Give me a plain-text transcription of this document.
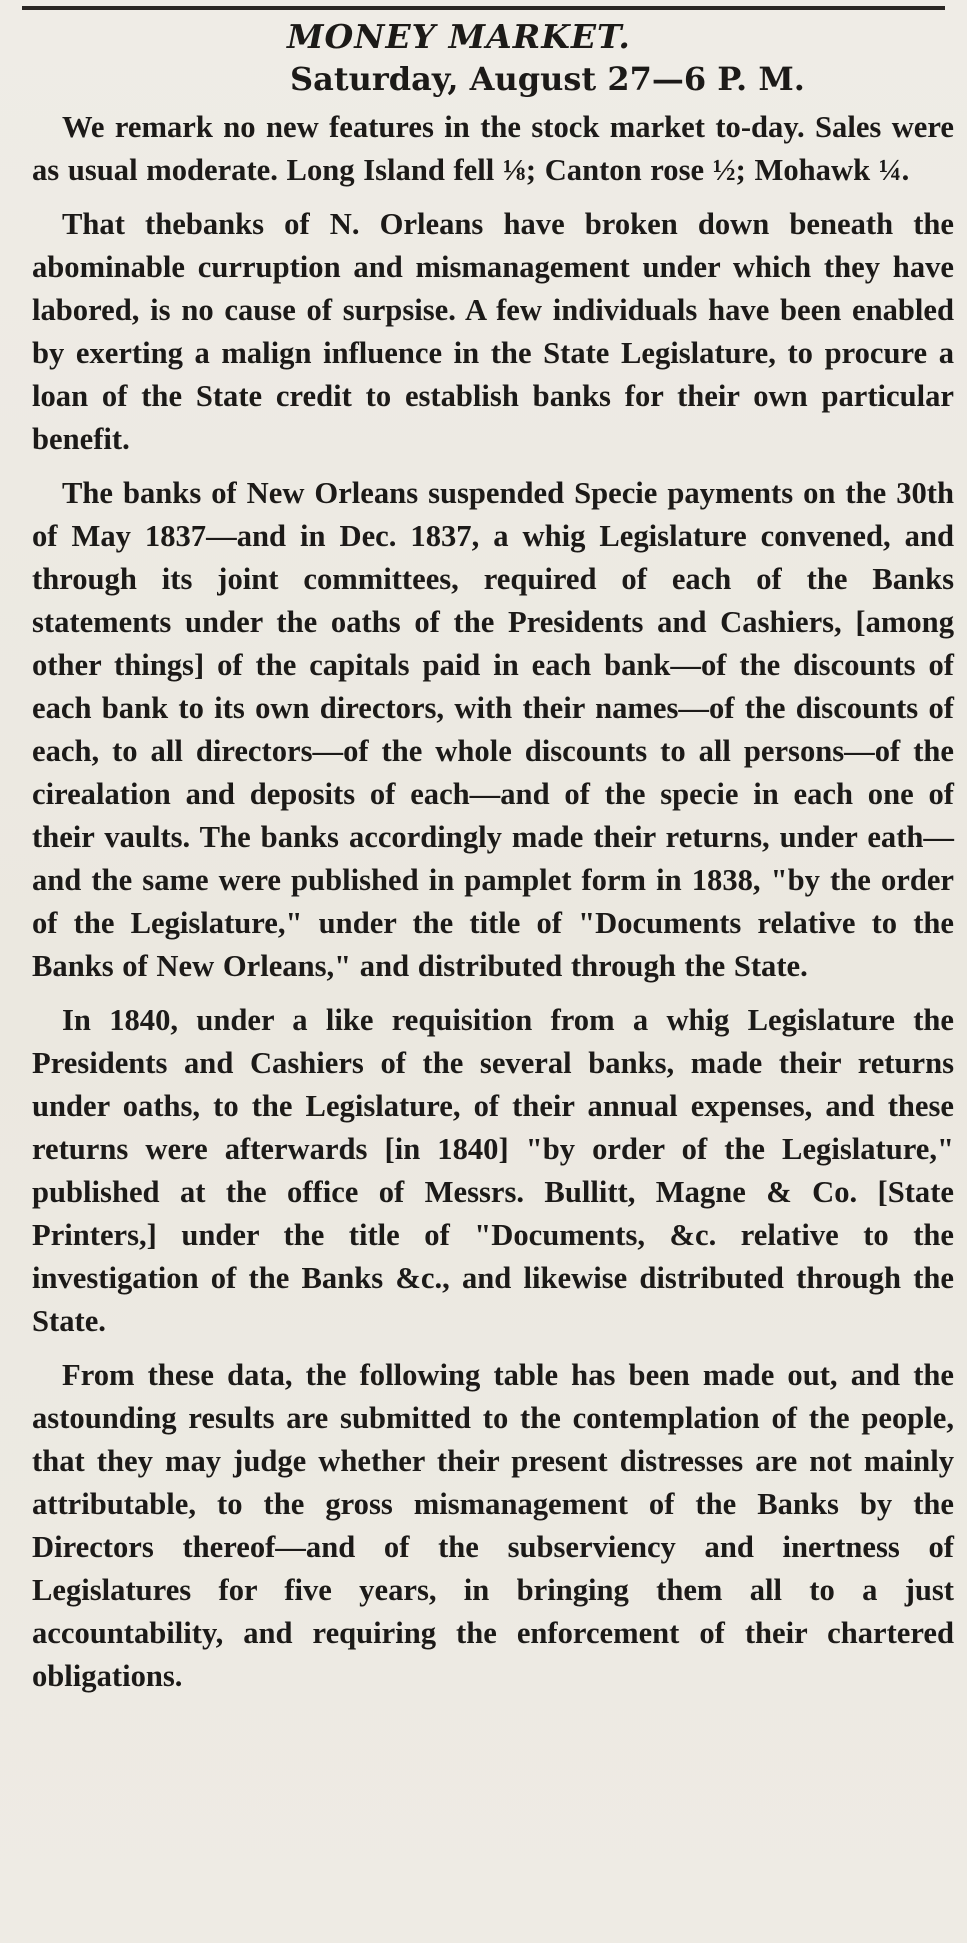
MONEY MARKET.
Saturday, August 27—6 P. M.

We remark no new features in the stock market to-day. Sales were as usual moderate. Long Island fell ⅛; Canton rose ½; Mohawk ¼.

That thebanks of N. Orleans have broken down beneath the abominable curruption and mismanagement under which they have labored, is no cause of surpsise. A few individuals have been enabled by exerting a malign influence in the State Legislature, to procure a loan of the State credit to establish banks for their own particular benefit.

The banks of New Orleans suspended Specie payments on the 30th of May 1837—and in Dec. 1837, a whig Legislature convened, and through its joint committees, required of each of the Banks statements under the oaths of the Presidents and Cashiers, [among other things] of the capitals paid in each bank—of the discounts of each bank to its own directors, with their names—of the discounts of each, to all directors—of the whole discounts to all persons—of the cirealation and deposits of each—and of the specie in each one of their vaults. The banks accordingly made their returns, under eath—and the same were published in pamplet form in 1838, "by the order of the Legislature," under the title of "Documents relative to the Banks of New Orleans," and distributed through the State.

In 1840, under a like requisition from a whig Legislature the Presidents and Cashiers of the several banks, made their returns under oaths, to the Legislature, of their annual expenses, and these returns were afterwards [in 1840] "by order of the Legislature," published at the office of Messrs. Bullitt, Magne & Co. [State Printers,] under the title of "Documents, &c. relative to the investigation of the Banks &c., and likewise distributed through the State.

From these data, the following table has been made out, and the astounding results are submitted to the contemplation of the people, that they may judge whether their present distresses are not mainly attributable, to the gross mismanagement of the Banks by the Directors thereof—and of the subserviency and inertness of Legislatures for five years, in bringing them all to a just accountability, and requiring the enforcement of their chartered obligations.
